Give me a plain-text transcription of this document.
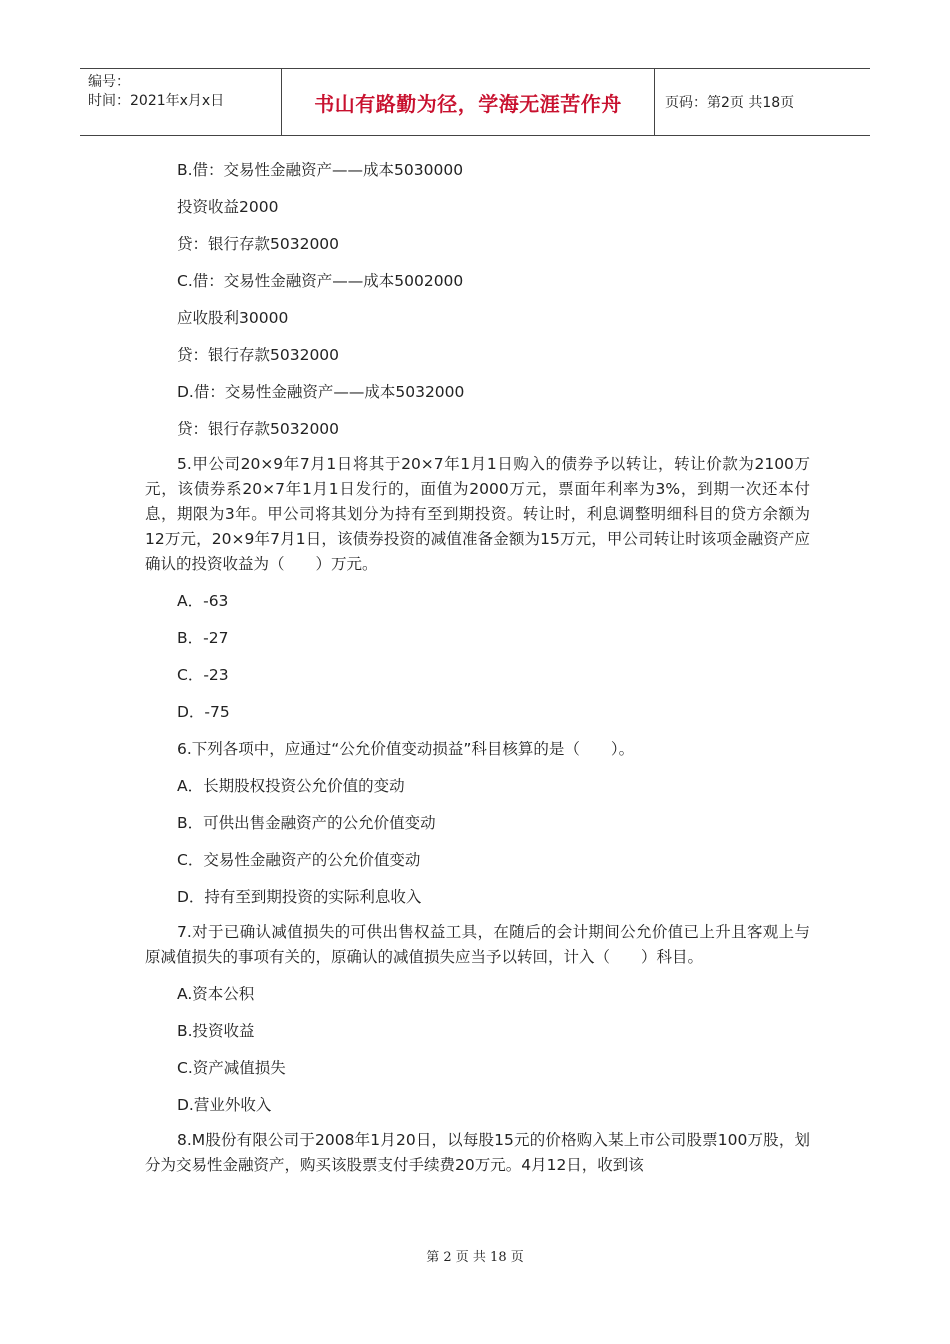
编号：
时间：2021年x月x日	书山有路勤为径，学海无涯苦作舟	页码：第2页 共18页
B.借：交易性金融资产——成本5030000
投资收益2000
贷：银行存款5032000
C.借：交易性金融资产——成本5002000
应收股利30000
贷：银行存款5032000
D.借：交易性金融资产——成本5032000
贷：银行存款5032000
5.甲公司20×9年7月1日将其于20×7年1月1日购入的债券予以转让，转让价款为2100万元，该债券系20×7年1月1日发行的，面值为2000万元，票面年利率为3%，到期一次还本付息，期限为3年。甲公司将其划分为持有至到期投资。转让时，利息调整明细科目的贷方余额为12万元，20×9年7月1日，该债券投资的减值准备金额为15万元，甲公司转让时该项金融资产应确认的投资收益为（　　）万元。
A．-63
B．-27
C．-23
D．-75
6.下列各项中，应通过“公允价值变动损益”科目核算的是（　　）。
A．长期股权投资公允价值的变动
B．可供出售金融资产的公允价值变动
C．交易性金融资产的公允价值变动
D．持有至到期投资的实际利息收入
7.对于已确认减值损失的可供出售权益工具，在随后的会计期间公允价值已上升且客观上与原减值损失的事项有关的，原确认的减值损失应当予以转回，计入（　　）科目。
A.资本公积
B.投资收益
C.资产减值损失
D.营业外收入
8.M股份有限公司于2008年1月20日，以每股15元的价格购入某上市公司股票100万股，划分为交易性金融资产，购买该股票支付手续费20万元。4月12日，收到该
第 2 页 共 18 页
